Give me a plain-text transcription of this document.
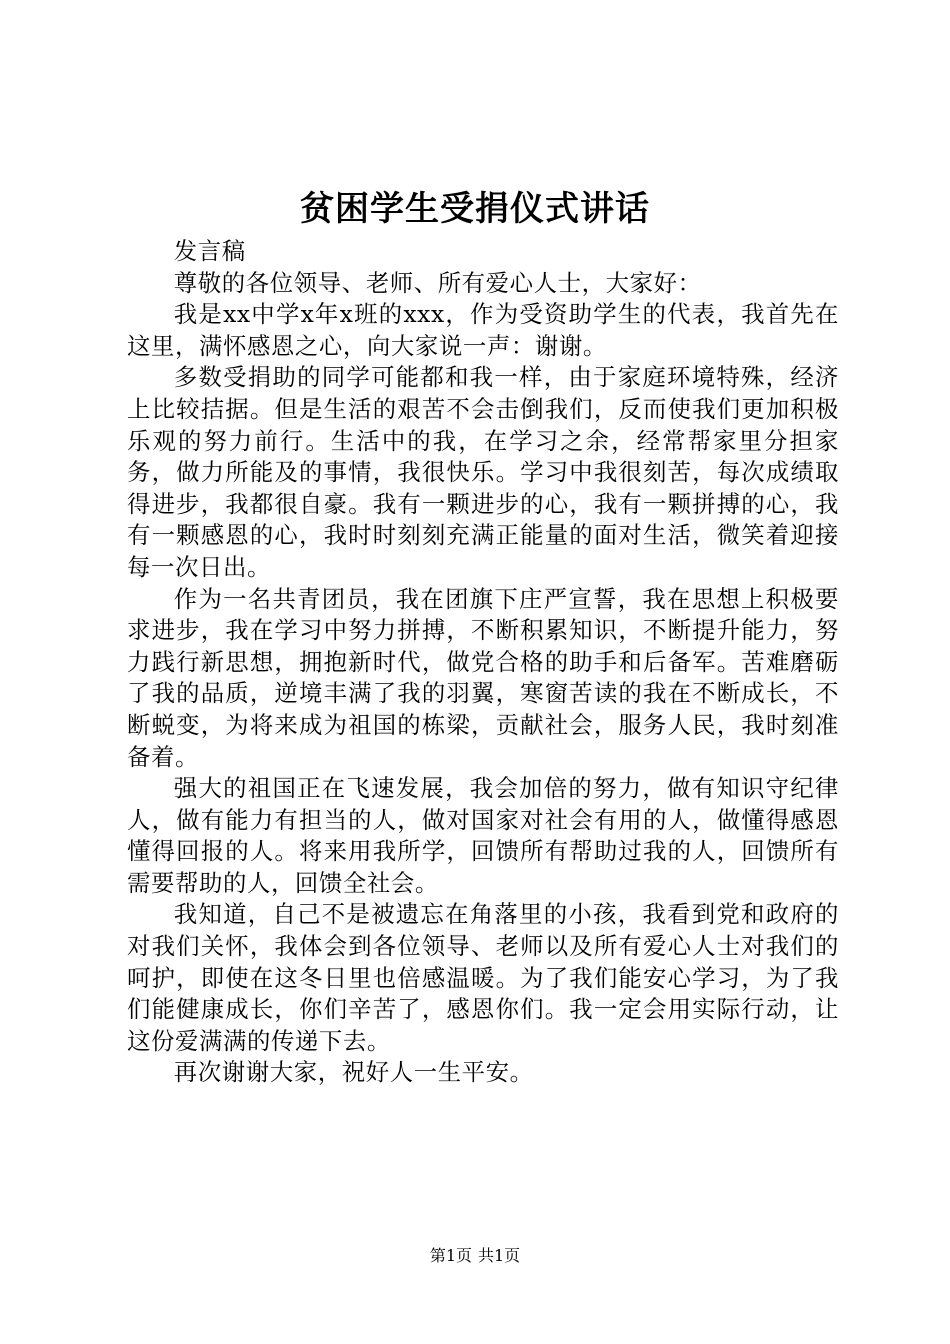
贫困学生受捐仪式讲话

发言稿

尊敬的各位领导、老师、所有爱心人士，大家好：

我是xx中学x年x班的xxx，作为受资助学生的代表，我首先在这里，满怀感恩之心，向大家说一声：谢谢。

多数受捐助的同学可能都和我一样，由于家庭环境特殊，经济上比较拮据。但是生活的艰苦不会击倒我们，反而使我们更加积极乐观的努力前行。生活中的我，在学习之余，经常帮家里分担家务，做力所能及的事情，我很快乐。学习中我很刻苦，每次成绩取得进步，我都很自豪。我有一颗进步的心，我有一颗拼搏的心，我有一颗感恩的心，我时时刻刻充满正能量的面对生活，微笑着迎接每一次日出。

作为一名共青团员，我在团旗下庄严宣誓，我在思想上积极要求进步，我在学习中努力拼搏，不断积累知识，不断提升能力，努力践行新思想，拥抱新时代，做党合格的助手和后备军。苦难磨砺了我的品质，逆境丰满了我的羽翼，寒窗苦读的我在不断成长，不断蜕变，为将来成为祖国的栋梁，贡献社会，服务人民，我时刻准备着。

强大的祖国正在飞速发展，我会加倍的努力，做有知识守纪律人，做有能力有担当的人，做对国家对社会有用的人，做懂得感恩懂得回报的人。将来用我所学，回馈所有帮助过我的人，回馈所有需要帮助的人，回馈全社会。

我知道，自己不是被遗忘在角落里的小孩，我看到党和政府的对我们关怀，我体会到各位领导、老师以及所有爱心人士对我们的呵护，即使在这冬日里也倍感温暖。为了我们能安心学习，为了我们能健康成长，你们辛苦了，感恩你们。我一定会用实际行动，让这份爱满满的传递下去。

再次谢谢大家，祝好人一生平安。

第1页 共1页
